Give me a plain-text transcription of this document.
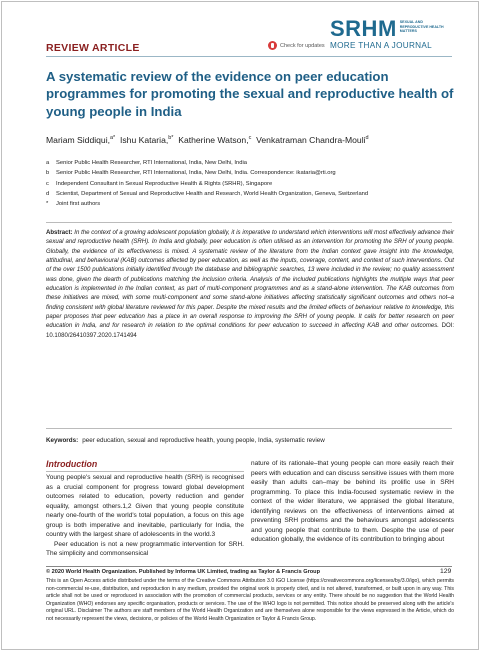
SRHM SEXUAL AND REPRODUCTIVE HEALTH MATTERS
MORE THAN A JOURNAL
REVIEW ARTICLE	Check for updates
A systematic review of the evidence on peer education programmes for promoting the sexual and reproductive health of young people in India
Mariam Siddiqui,$^{a*}$ Ishu Kataria,$^{b*}$ Katherine Watson,$^c$ Venkatraman Chandra-Mouli$^d$
a	Senior Public Health Researcher, RTI International, India, New Delhi, India
b	Senior Public Health Researcher, RTI International, India, New Delhi, India. Correspondence: ikataria@rti.org
c	Independent Consultant in Sexual Reproductive Health & Rights (SRHR), Singapore
d	Scientist, Department of Sexual and Reproductive Health and Research, World Health Organization, Geneva, Switzerland
*	Joint first authors
Abstract: In the context of a growing adolescent population globally, it is imperative to understand which interventions will most effectively advance their sexual and reproductive health (SRH). In India and globally, peer education is often utilised as an intervention for promoting the SRH of young people. Globally, the evidence of its effectiveness is mixed. A systematic review of the literature from the Indian context gave insight into the knowledge, attitudinal, and behavioural (KAB) outcomes affected by peer education, as well as the inputs, coverage, content, and context of such interventions. Out of the over 1500 publications initially identified through the database and bibliographic searches, 13 were included in the review; no quality assessment was done, given the dearth of publications matching the inclusion criteria. Analysis of the included publications highlights the multiple ways that peer education is implemented in the Indian context, as part of multi-component programmes and as a stand-alone intervention. The KAB outcomes from these initiatives are mixed, with some multi-component and some stand-alone initiatives affecting statistically significant outcomes and others not–a finding consistent with global literature reviewed for this paper. Despite the mixed results and the limited effects of behaviour relative to knowledge, this paper proposes that peer education has a place in an overall response to improving the SRH of young people. It calls for better research on peer education in India, and for research in relation to the optimal conditions for peer education to succeed in affecting KAB and other outcomes. DOI: 10.1080/26410397.2020.1741494
Keywords: peer education, sexual and reproductive health, young people, India, systematic review
Introduction

Young people's sexual and reproductive health (SRH) is recognised as a crucial component for progress toward global development outcomes related to education, poverty reduction and gender equality, amongst others.1,2 Given that young people constitute nearly one-fourth of the world's total population, a focus on this age group is both imperative and inevitable, particularly for India, the country with the largest share of adolescents in the world.3

Peer education is not a new programmatic intervention for SRH. The simplicity and commonsensical

nature of its rationale–that young people can more easily reach their peers with education and can discuss sensitive issues with them more easily than adults can–may be behind its prolific use in SRH programming. To place this India-focused systematic review in the context of the wider literature, we appraised the global literature, identifying reviews on the effectiveness of interventions aimed at preventing SRH problems and the behaviours amongst adolescents and young people that contribute to them. Despite the use of peer education globally, the evidence of its contribution to bringing about

© 2020 World Health Organization. Published by Informa UK Limited, trading as Taylor & Francis Group	129
This is an Open Access article distributed under the terms of the Creative Commons Attribution 3.0 IGO License (https://creativecommons.org/licenses/by/3.0/igo), which permits non-commercial re-use, distribution, and reproduction in any medium, provided the original work is properly cited, and is not altered, transformed, or built upon in any way. This article shall not be used or reproduced in association with the promotion of commercial products, services or any entity. There should be no suggestion that the World Health Organization (WHO) endorses any specific organisation, products or services. The use of the WHO logo is not permitted. This notice should be preserved along with the article's original URL. Disclaimer The authors are staff members of the World Health Organization and are themselves alone responsible for the views expressed in the Article, which do not necessarily represent the views, decisions, or policies of the World Health Organization or Taylor & Francis Group.
